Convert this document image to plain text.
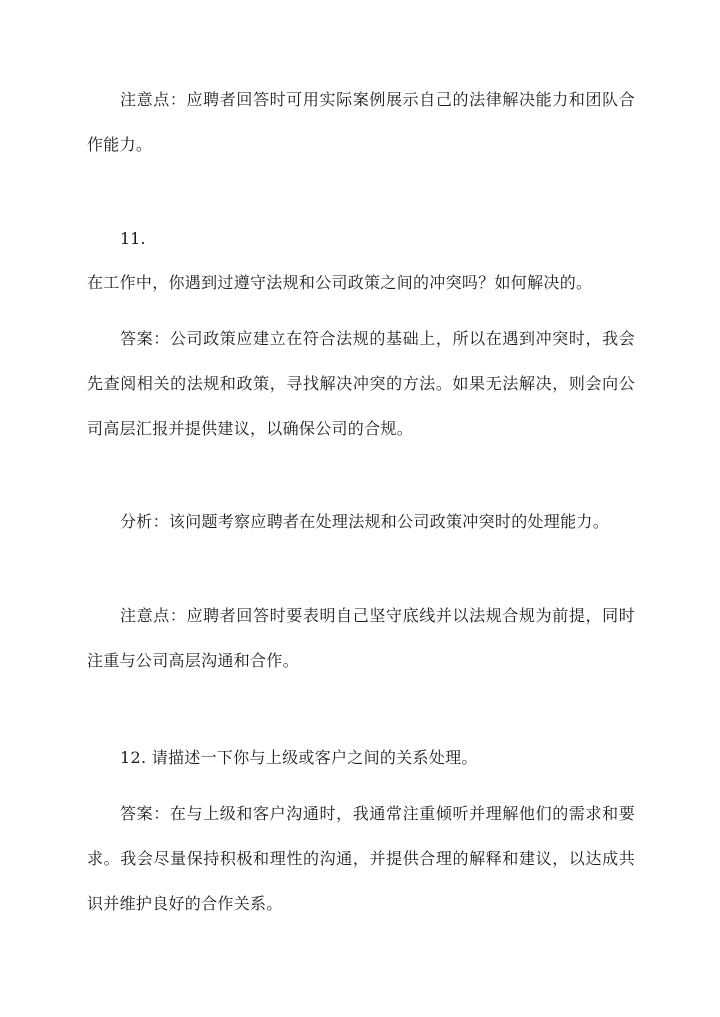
注意点：应聘者回答时可用实际案例展示自己的法律解决能力和团队合作能力。

11.

在工作中，你遇到过遵守法规和公司政策之间的冲突吗？如何解决的。

答案：公司政策应建立在符合法规的基础上，所以在遇到冲突时，我会先查阅相关的法规和政策，寻找解决冲突的方法。如果无法解决，则会向公司高层汇报并提供建议，以确保公司的合规。

分析：该问题考察应聘者在处理法规和公司政策冲突时的处理能力。

注意点：应聘者回答时要表明自己坚守底线并以法规合规为前提，同时注重与公司高层沟通和合作。

12. 请描述一下你与上级或客户之间的关系处理。

答案：在与上级和客户沟通时，我通常注重倾听并理解他们的需求和要求。我会尽量保持积极和理性的沟通，并提供合理的解释和建议，以达成共识并维护良好的合作关系。
